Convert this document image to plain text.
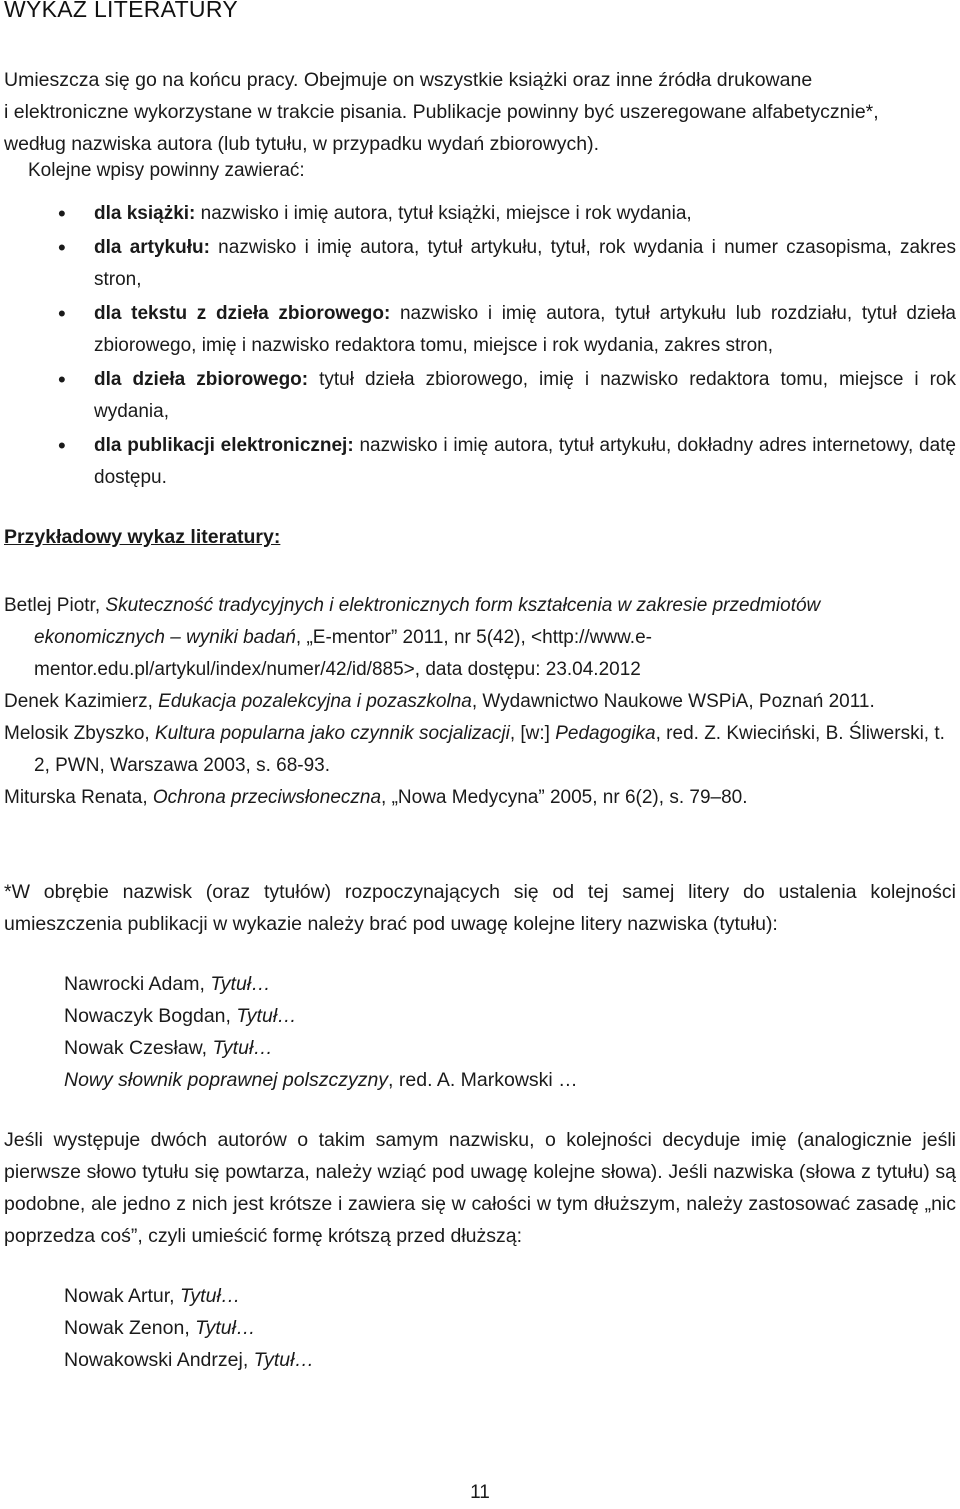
WYKAZ LITERATURY

Umieszcza się go na końcu pracy. Obejmuje on wszystkie książki oraz inne źródła drukowane
i elektroniczne wykorzystane w trakcie pisania. Publikacje powinny być uszeregowane alfabetycznie*,
według nazwiska autora (lub tytułu, w przypadku wydań zbiorowych).

Kolejne wpisy powinny zawierać:

• dla książki: nazwisko i imię autora, tytuł książki, miejsce i rok wydania,
• dla artykułu: nazwisko i imię autora, tytuł artykułu, tytuł, rok wydania i numer czasopisma, zakres stron,
• dla tekstu z dzieła zbiorowego: nazwisko i imię autora, tytuł artykułu lub rozdziału, tytuł dzieła zbiorowego, imię i nazwisko redaktora tomu, miejsce i rok wydania, zakres stron,
• dla dzieła zbiorowego: tytuł dzieła zbiorowego, imię i nazwisko redaktora tomu, miejsce i rok wydania,
• dla publikacji elektronicznej: nazwisko i imię autora, tytuł artykułu, dokładny adres internetowy, datę dostępu.

Przykładowy wykaz literatury:

Betlej Piotr, Skuteczność tradycyjnych i elektronicznych form kształcenia w zakresie przedmiotów ekonomicznych – wyniki badań, „E-mentor” 2011, nr 5(42), <http://www.e-mentor.edu.pl/artykul/index/numer/42/id/885>, data dostępu: 23.04.2012

Denek Kazimierz, Edukacja pozalekcyjna i pozaszkolna, Wydawnictwo Naukowe WSPiA, Poznań 2011.

Melosik Zbyszko, Kultura popularna jako czynnik socjalizacji, [w:] Pedagogika, red. Z. Kwieciński, B. Śliwerski, t. 2, PWN, Warszawa 2003, s. 68-93.

Miturska Renata, Ochrona przeciwsłoneczna, „Nowa Medycyna” 2005, nr 6(2), s. 79–80.

*W obrębie nazwisk (oraz tytułów) rozpoczynających się od tej samej litery do ustalenia kolejności umieszczenia publikacji w wykazie należy brać pod uwagę kolejne litery nazwiska (tytułu):

Nawrocki Adam, Tytuł…
Nowaczyk Bogdan, Tytuł…
Nowak Czesław, Tytuł…
Nowy słownik poprawnej polszczyzny, red. A. Markowski …

Jeśli występuje dwóch autorów o takim samym nazwisku, o kolejności decyduje imię (analogicznie jeśli pierwsze słowo tytułu się powtarza, należy wziąć pod uwagę kolejne słowa). Jeśli nazwiska (słowa z tytułu) są podobne, ale jedno z nich jest krótsze i zawiera się w całości w tym dłuższym, należy zastosować zasadę „nic poprzedza coś”, czyli umieścić formę krótszą przed dłuższą:

Nowak Artur, Tytuł…
Nowak Zenon, Tytuł…
Nowakowski Andrzej, Tytuł…
11
